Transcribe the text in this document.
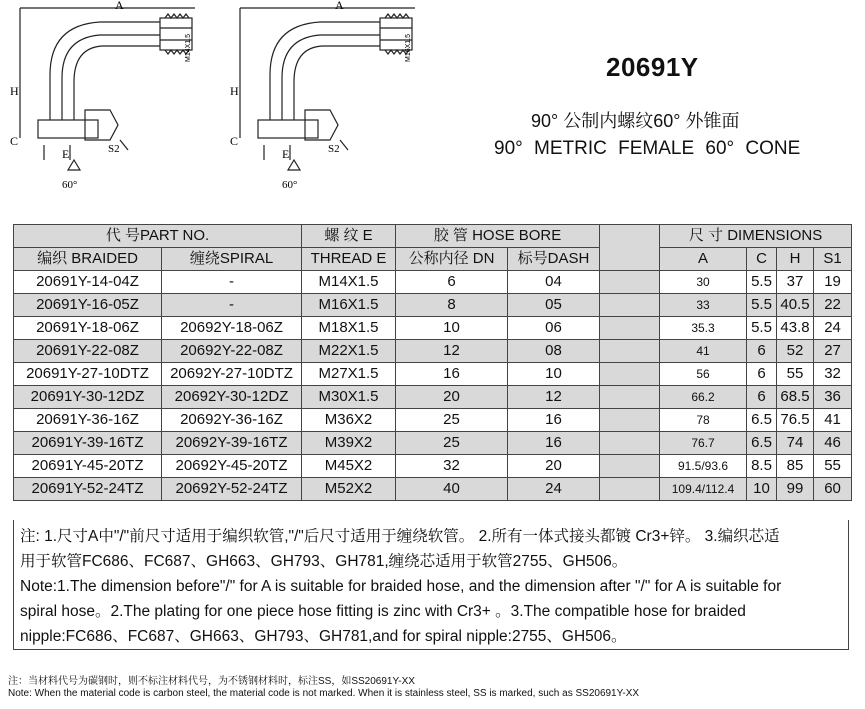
A
H
C
E	S2
60°
M14X1.5
A
H
C
E	S2
60°
M16X1.5
20691Y
90° 公制内螺纹60° 外锥面
90° METRIC FEMALE 60° CONE
代 号PART NO.		螺 纹 E	胶 管 HOSE BORE			尺 寸 DIMENSIONS			
编织 BRAIDED	缠绕SPIRAL	THREAD E	公称内径 DN	标号DASH		A	C	H	S1
20691Y-14-04Z	-	M14X1.5	6	04		30	5.5	37	19
20691Y-16-05Z	-	M16X1.5	8	05		33	5.5	40.5	22
20691Y-18-06Z	20692Y-18-06Z	M18X1.5	10	06		35.3	5.5	43.8	24
20691Y-22-08Z	20692Y-22-08Z	M22X1.5	12	08		41	6	52	27
20691Y-27-10DTZ	20692Y-27-10DTZ	M27X1.5	16	10		56	6	55	32
20691Y-30-12DZ	20692Y-30-12DZ	M30X1.5	20	12		66.2	6	68.5	36
20691Y-36-16Z	20692Y-36-16Z	M36X2	25	16		78	6.5	76.5	41
20691Y-39-16TZ	20692Y-39-16TZ	M39X2	25	16		76.7	6.5	74	46
20691Y-45-20TZ	20692Y-45-20TZ	M45X2	32	20		91.5/93.6	8.5	85	55
20691Y-52-24TZ	20692Y-52-24TZ	M52X2	40	24		109.4/112.4	10	99	60

注: 1.尺寸A中"/"前尺寸适用于编织软管,"/"后尺寸适用于缠绕软管。 2.所有一体式接头都镀 Cr3+锌。 3.编织芯适

用于软管FC686、FC687、GH663、GH793、GH781,缠绕芯适用于软管2755、GH506。

Note:1.The dimension before"/" for A is suitable for braided hose, and the dimension after "/" for A is suitable for

spiral hose。2.The plating for one piece hose fitting is zinc with Cr3+ 。3.The compatible hose for braided

nipple:FC686、FC687、GH663、GH793、GH781,and for spiral nipple:2755、GH506。

注：当材料代号为碳钢时，则不标注材料代号，为不锈钢材料时，标注SS，如SS20691Y-XX
Note: When the material code is carbon steel, the material code is not marked. When it is stainless steel, SS is marked, such as SS20691Y-XX
